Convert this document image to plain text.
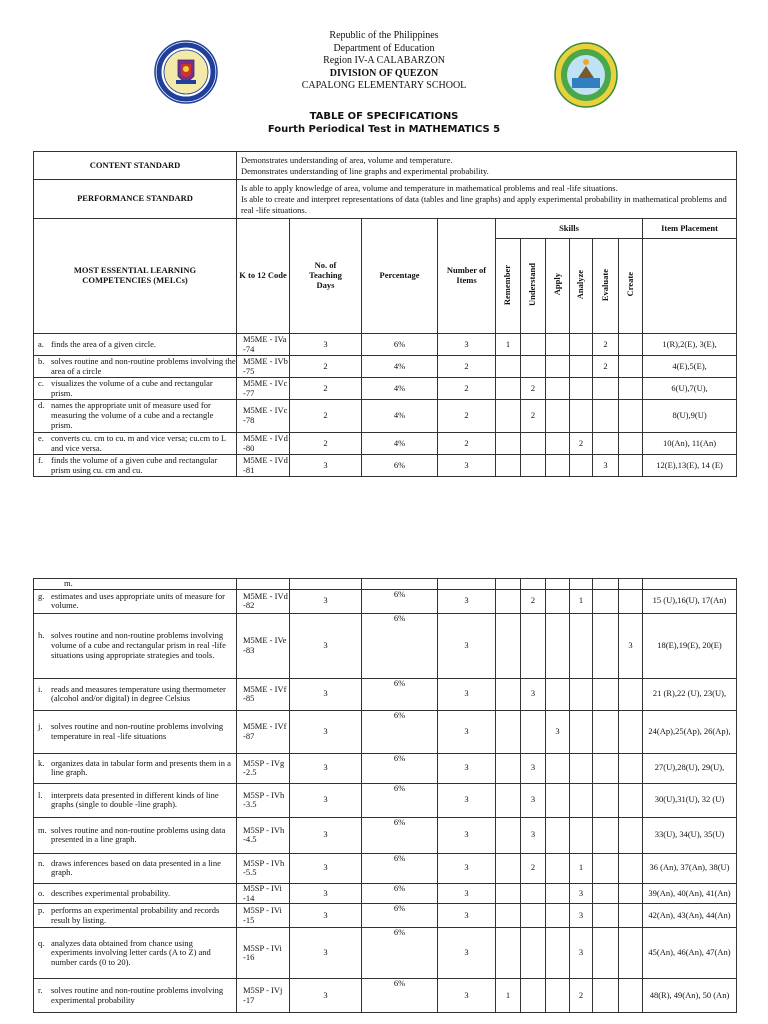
Republic of the Philippines
Department of Education
Region IV-A CALABARZON
DIVISION OF QUEZON
CAPALONG ELEMENTARY SCHOOL
TABLE OF SPECIFICATIONS
Fourth Periodical Test in MATHEMATICS 5
CONTENT STANDARD	Demonstrates understanding of area, volume and temperature.
Demonstrates understanding of line graphs and experimental probability.										
PERFORMANCE STANDARD	Is able to apply knowledge of area, volume and temperature in mathematical problems and real -life situations.
Is able to create and interpret representations of data (tables and line graphs) and apply experimental probability in mathematical problems and real -life situations.										
MOST ESSENTIAL LEARNING COMPETENCIES (MELCs)	K to 12 Code	No. of Teaching Days	Percentage	Number of Items	Skills						Item Placement
					Remember	Understand	Apply	Analyze	Evaluate	Create	

a. finds the area of a given circle.	M5ME - IVa -74	3	6%	3	1				2		1(R),2(E), 3(E),

b. solves routine and non-routine problems involving the area of a circle	M5ME - IVb -75	2	4%	2					2		4(E),5(E),

c. visualizes the volume of a cube and rectangular prism.	M5ME - IVc -77	2	4%	2		2					6(U),7(U),

d. names the appropriate unit of measure used for measuring the volume of a cube and a rectangle prism.	M5ME - IVc -78	2	4%	2		2					8(U),9(U)

e. converts cu. cm to cu. m and vice versa; cu.cm to L and vice versa.	M5ME - IVd -80	2	4%	2				2			10(An), 11(An)

f. finds the volume of a given cube and rectangular prism using cu. cm and cu.	M5ME - IVd -81	3	6%	3					3		12(E),13(E), 14 (E)
m.											

g. estimates and uses appropriate units of measure for volume.	M5ME - IVd -82	3	6%	3		2		1			15 (U),16(U), 17(An)

h. solves routine and non-routine problems involving volume of a cube and rectangular prism in real -life situations using appropriate strategies and tools.	M5ME - IVe -83	3	6%	3						3	18(E),19(E), 20(E)

i. reads and measures temperature using thermometer (alcohol and/or digital) in degree Celsius	M5ME - IVf -85	3	6%	3		3					21 (R),22 (U), 23(U),

j. solves routine and non-routine problems involving temperature in real -life situations	M5ME - IVf -87	3	6%	3			3				24(Ap),25(Ap), 26(Ap),

k. organizes data in tabular form and presents them in a line graph.	M5SP - IVg -2.5	3	6%	3		3					27(U),28(U), 29(U),

l. interprets data presented in different kinds of line graphs (single to double -line graph).	M5SP - IVh -3.5	3	6%	3		3					30(U),31(U), 32 (U)

m. solves routine and non-routine problems using data presented in a line graph.	M5SP - IVh -4.5	3	6%	3		3					33(U), 34(U), 35(U)

n. draws inferences based on data presented in a line graph.	M5SP - IVh -5.5	3	6%	3		2		1			36 (An), 37(An), 38(U)

o. describes experimental probability.	M5SP - IVi -14	3	6%	3				3			39(An), 40(An), 41(An)

p. performs an experimental probability and records result by listing.	M5SP - IVi -15	3	6%	3				3			42(An), 43(An), 44(An)

q. analyzes data obtained from chance using experiments involving letter cards (A to Z) and number cards (0 to 20).	M5SP - IVi -16	3	6%	3				3			45(An), 46(An), 47(An)

r. solves routine and non-routine problems involving experimental probability	M5SP - IVj -17	3	6%	3	1			2			48(R), 49(An), 50 (An)
